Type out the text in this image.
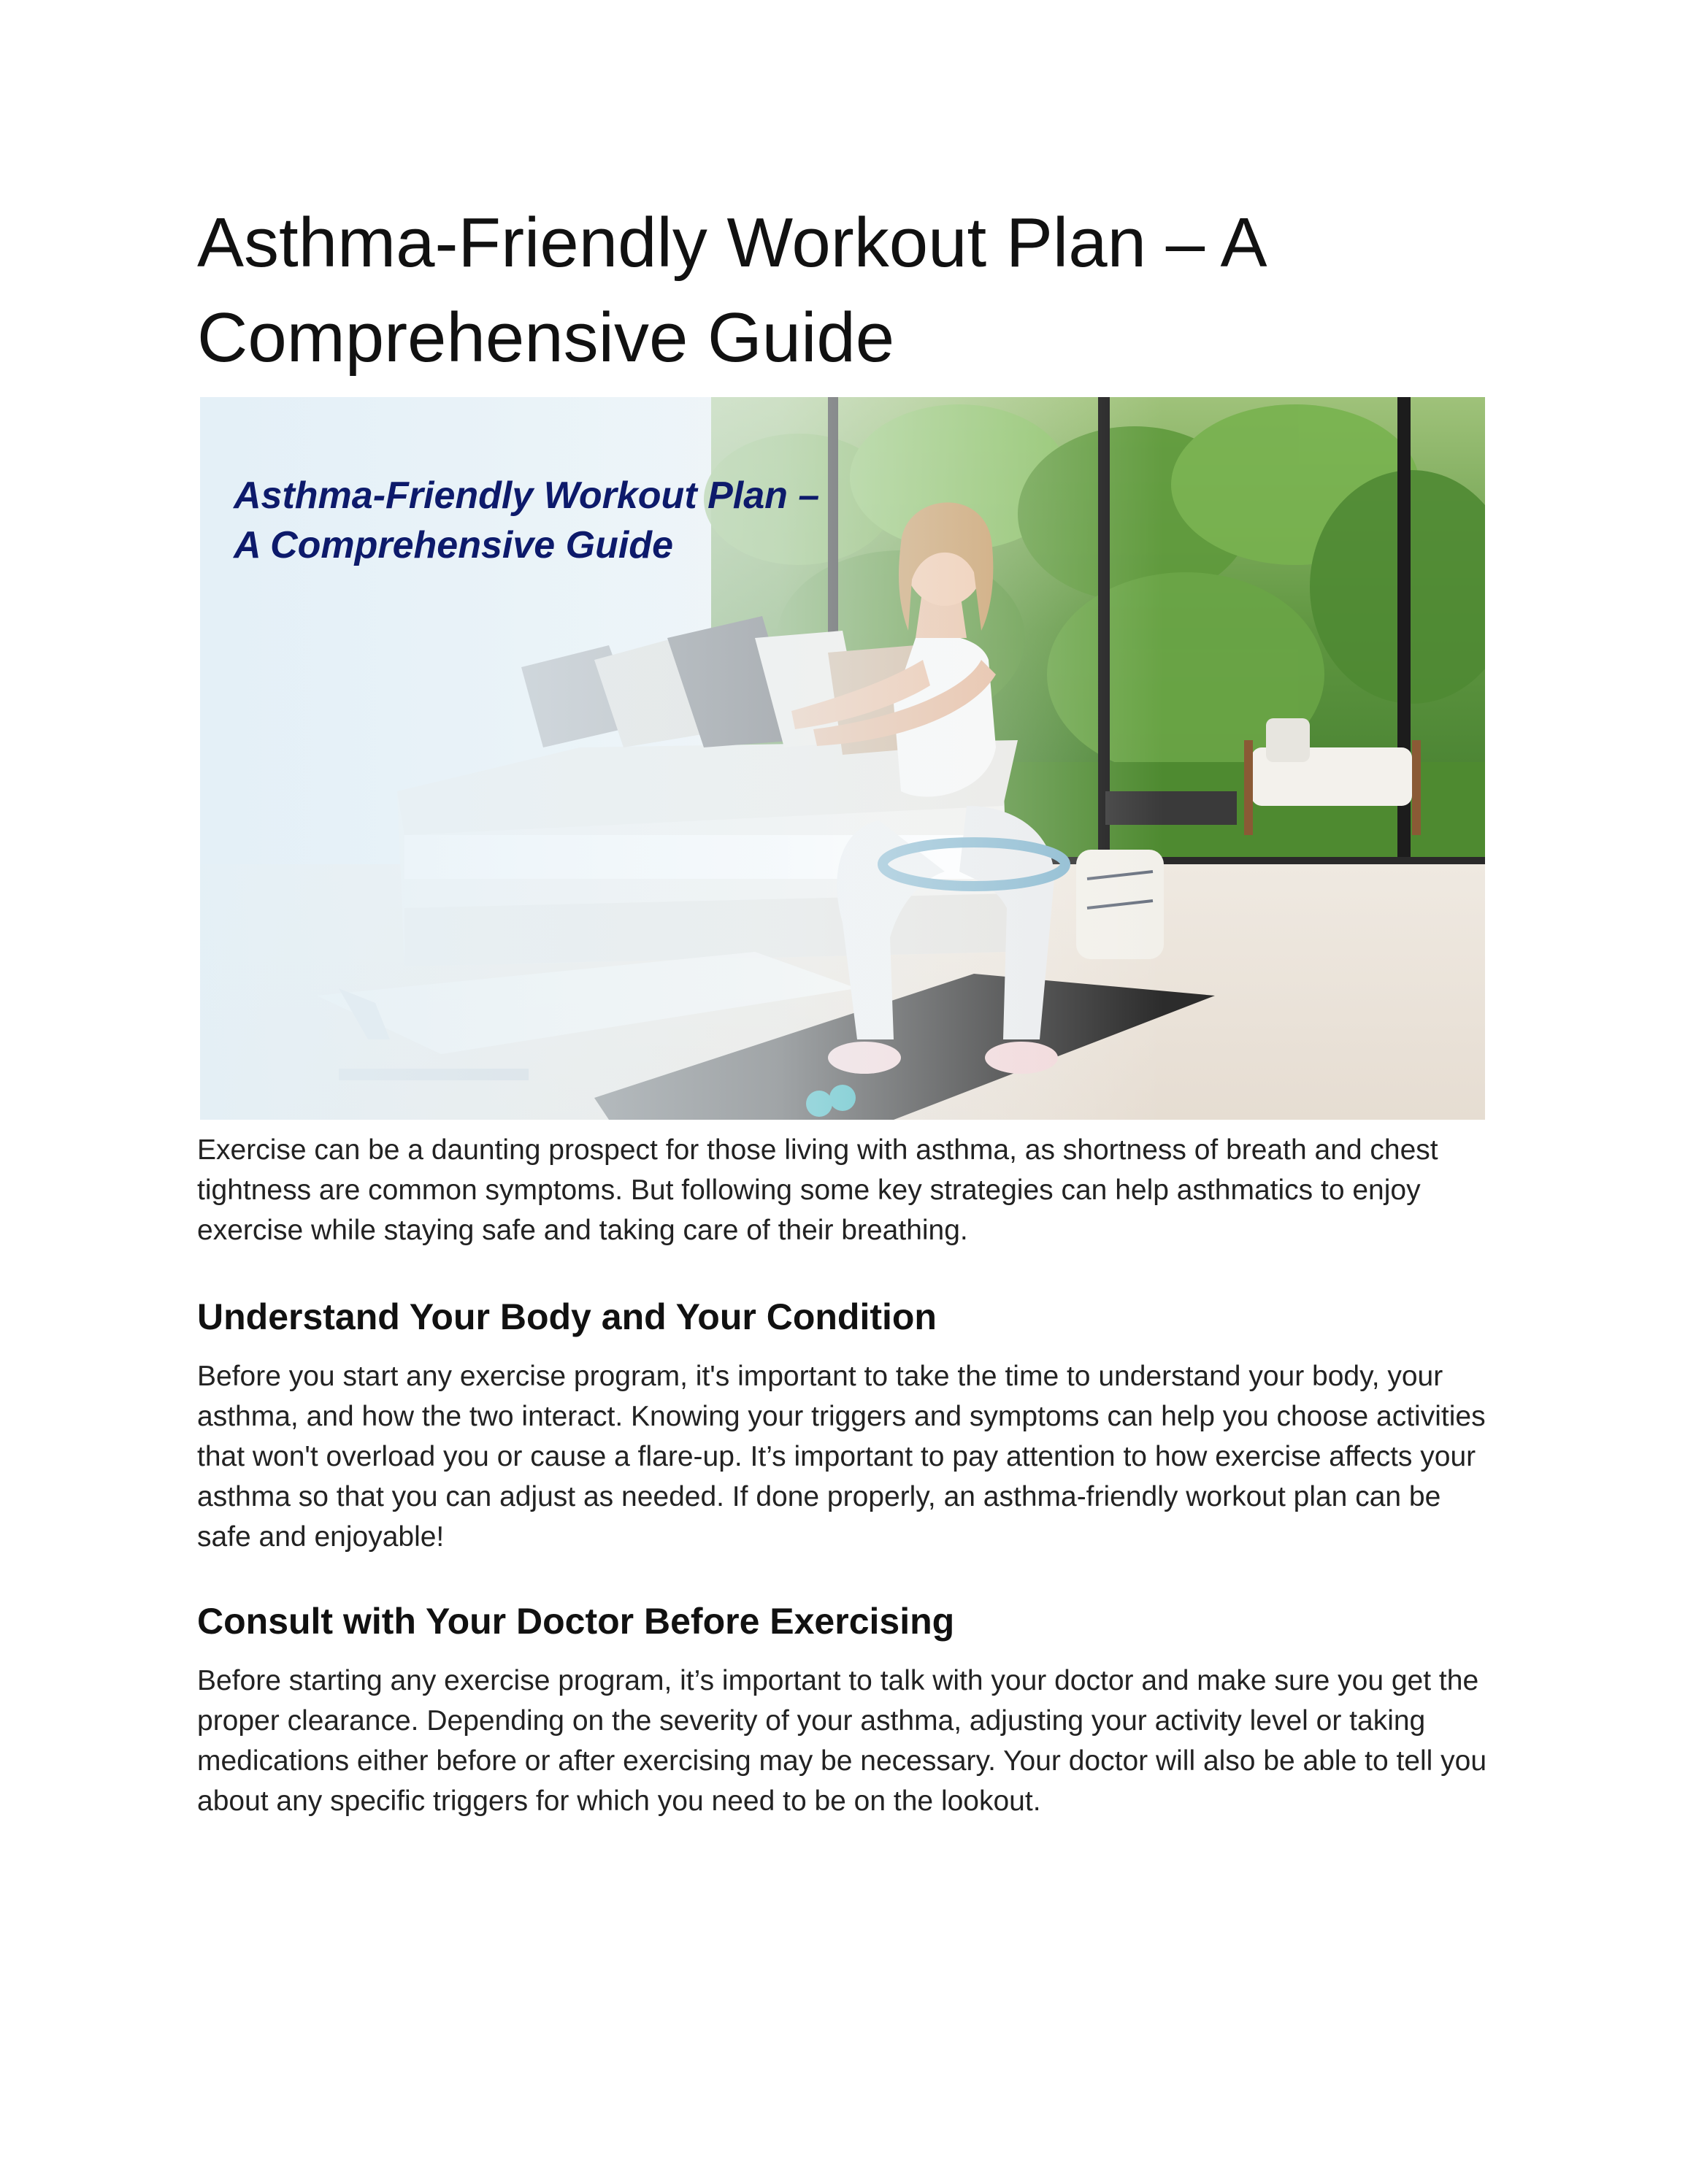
Asthma-Friendly Workout Plan – A Comprehensive Guide
Asthma-Friendly Workout Plan –
A Comprehensive Guide

Exercise can be a daunting prospect for those living with asthma, as shortness of breath and chest tightness are common symptoms. But following some key strategies can help asthmatics to enjoy exercise while staying safe and taking care of their breathing.

Understand Your Body and Your Condition

Before you start any exercise program, it's important to take the time to understand your body, your asthma, and how the two interact. Knowing your triggers and symptoms can help you choose activities that won't overload you or cause a flare-up. It’s important to pay attention to how exercise affects your asthma so that you can adjust as needed. If done properly, an asthma-friendly workout plan can be safe and enjoyable!

Consult with Your Doctor Before Exercising

Before starting any exercise program, it’s important to talk with your doctor and make sure you get the proper clearance. Depending on the severity of your asthma, adjusting your activity level or taking medications either before or after exercising may be necessary. Your doctor will also be able to tell you about any specific triggers for which you need to be on the lookout.
